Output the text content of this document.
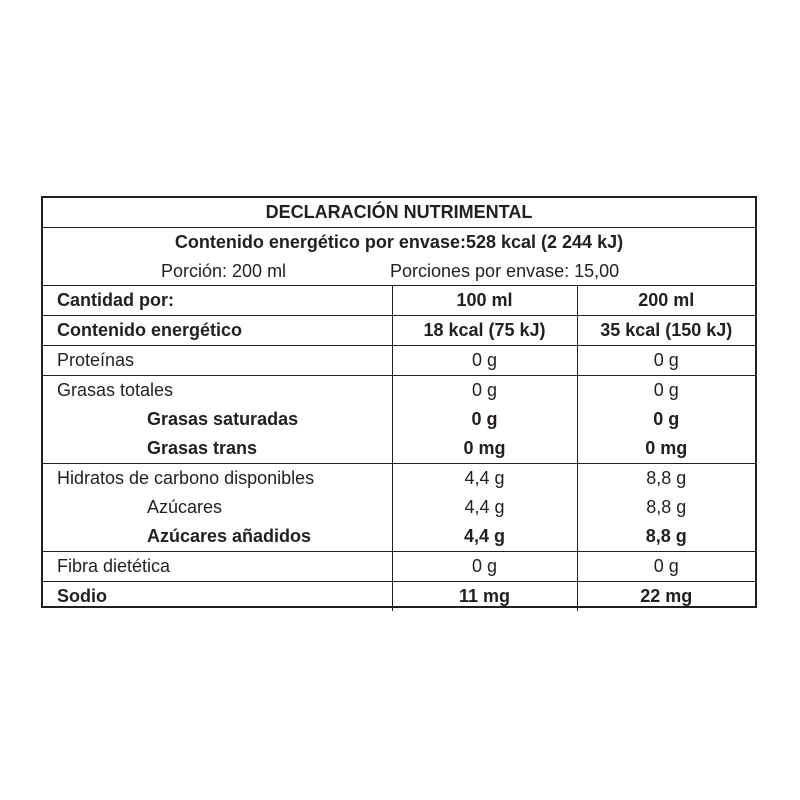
DECLARACIÓN NUTRIMENTAL
Contenido energético por envase:528 kcal (2 244 kJ)
Porción: 200 ml	Porciones por envase: 15,00
Cantidad por:	100 ml	200 ml
Contenido energético	18 kcal (75 kJ)	35 kcal (150 kJ)
Proteínas	0 g	0 g
Grasas totales	0 g	0 g
Grasas saturadas	0 g	0 g
Grasas trans	0 mg	0 mg
Hidratos de carbono disponibles	4,4 g	8,8 g
Azúcares	4,4 g	8,8 g
Azúcares añadidos	4,4 g	8,8 g
Fibra dietética	0 g	0 g
Sodio	11 mg	22 mg
